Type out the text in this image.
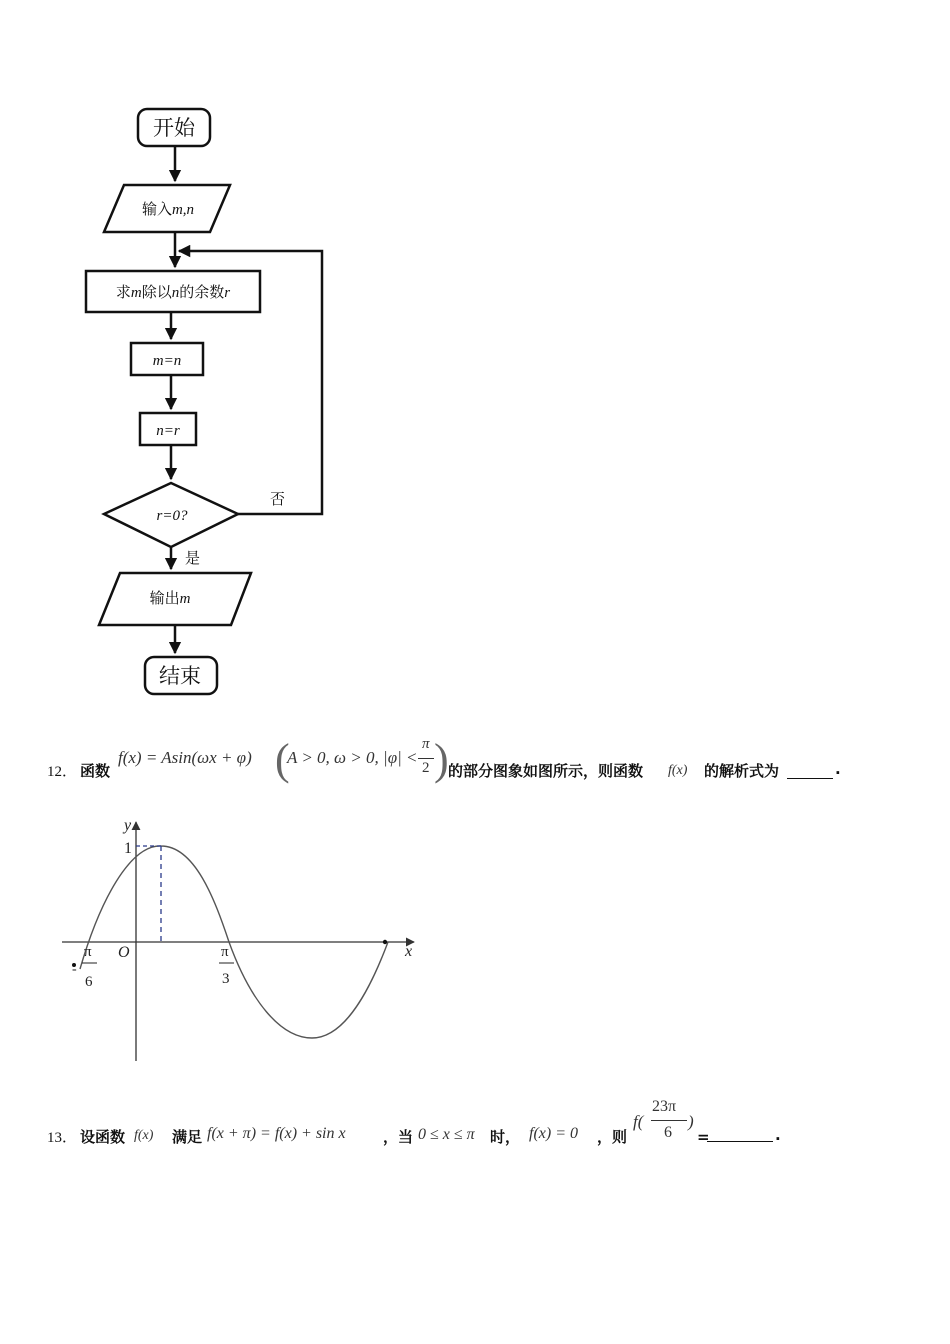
开始
输入m,n
求m除以n的余数r
m=n
n=r
r=0?
否
是
输出m
结束
12． 函数
f(x) = Asin(ωx + φ) (
A > 0, ω > 0, |φ| <
π
2 ) 的部分图象如图所示，则函数 f(x) 的解析式为	.
y
x
O
1
-
π
6
π
3
13． 设函数 f(x) 满足 f(x + π) = f(x) + sin x ，当 0 ≤ x ≤ π 时， f(x) = 0 ，则
f(
23π
6
)
=	.
